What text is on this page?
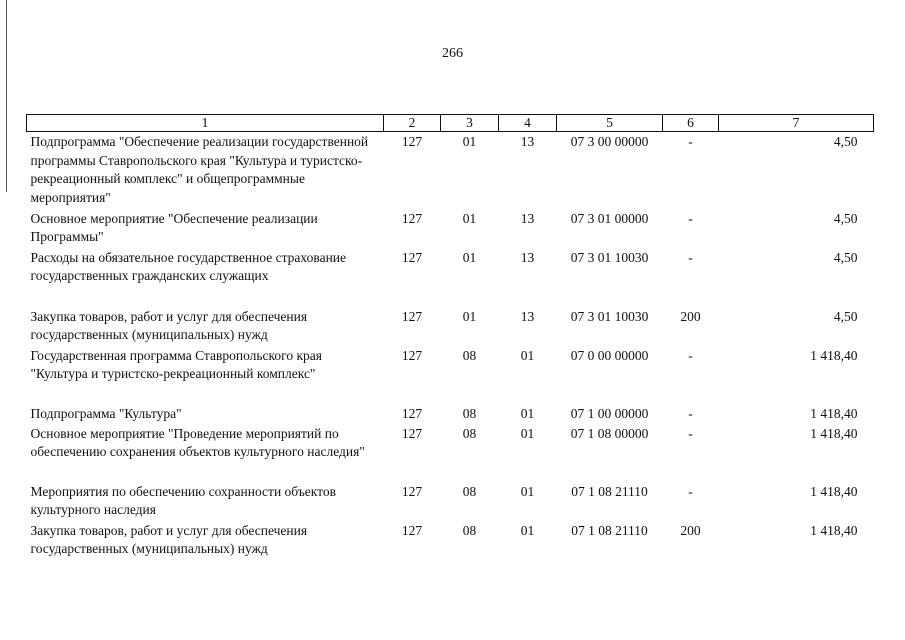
266
1	2	3	4	5	6	7
Подпрограмма "Обеспечение реализации государственной программы Ставропольского края "Культура и туристско-рекреационный комплекс" и общепрограммные мероприятия"	127	01	13	07 3 00 00000	-	4,50
Основное мероприятие "Обеспечение реализации Программы"	127	01	13	07 3 01 00000	-	4,50
Расходы на обязательное государственное страхование государственных гражданских служащих	127	01	13	07 3 01 10030	-	4,50
Закупка товаров, работ и услуг для обеспечения государственных (муниципальных) нужд	127	01	13	07 3 01 10030	200	4,50
Государственная программа Ставропольского края "Культура и туристско-рекреационный комплекс"	127	08	01	07 0 00 00000	-	1 418,40
Подпрограмма "Культура"	127	08	01	07 1 00 00000	-	1 418,40
Основное мероприятие "Проведение мероприятий по обеспечению сохранения объектов культурного наследия"	127	08	01	07 1 08 00000	-	1 418,40
Мероприятия по обеспечению сохранности объектов культурного наследия	127	08	01	07 1 08 21110	-	1 418,40
Закупка товаров, работ и услуг для обеспечения государственных (муниципальных) нужд	127	08	01	07 1 08 21110	200	1 418,40
